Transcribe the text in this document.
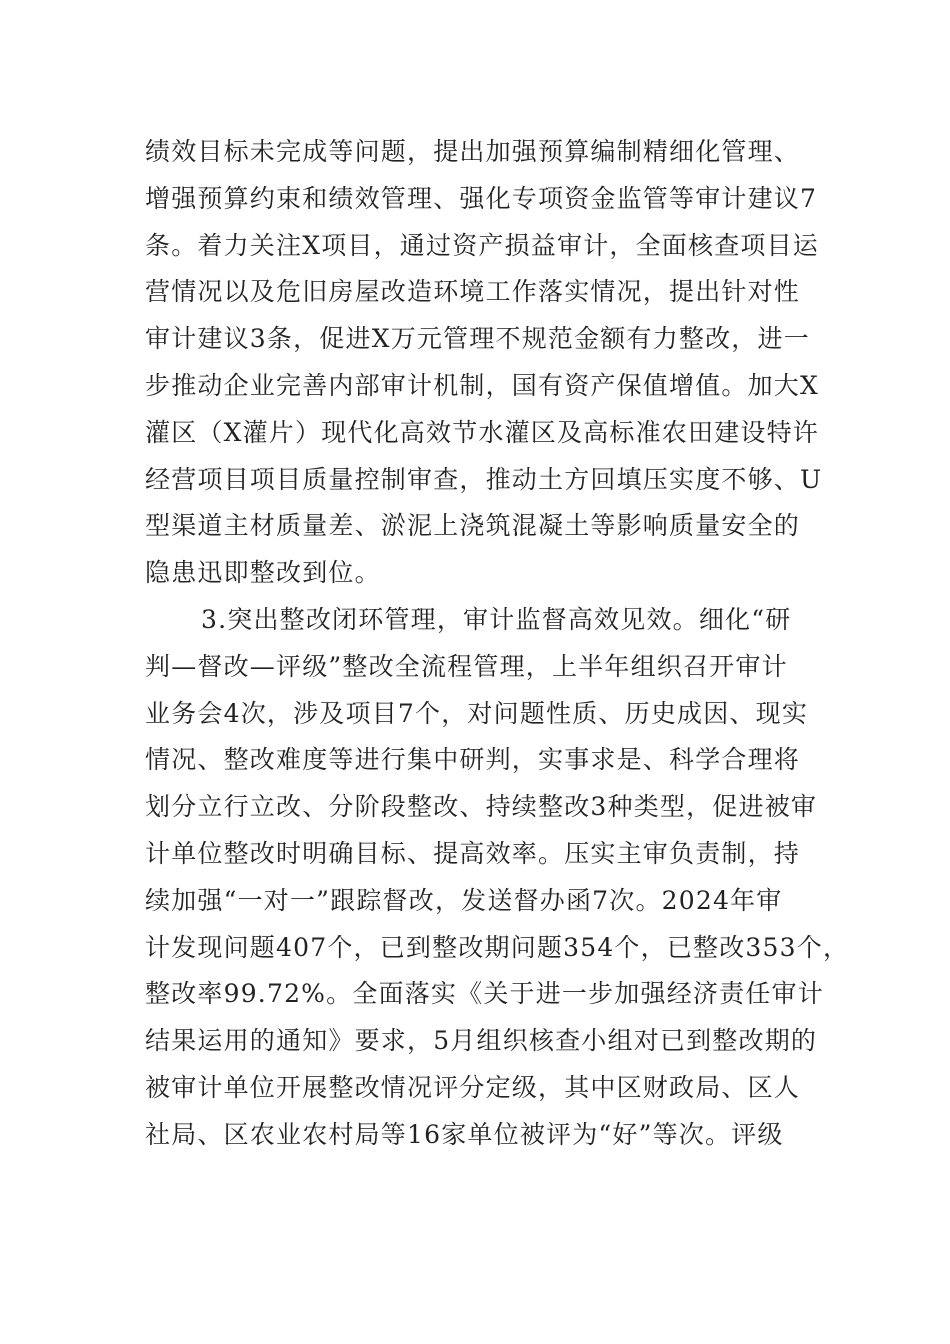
绩效目标未完成等问题，提出加强预算编制精细化管理、
增强预算约束和绩效管理、强化专项资金监管等审计建议7
条。着力关注X项目，通过资产损益审计，全面核查项目运
营情况以及危旧房屋改造环境工作落实情况，提出针对性
审计建议3条，促进X万元管理不规范金额有力整改，进一
步推动企业完善内部审计机制，国有资产保值增值。加大X
灌区（X灌片）现代化高效节水灌区及高标准农田建设特许
经营项目项目质量控制审查，推动土方回填压实度不够、U
型渠道主材质量差、淤泥上浇筑混凝土等影响质量安全的
隐患迅即整改到位。
3.突出整改闭环管理，审计监督高效见效。细化“研
判—督改—评级”整改全流程管理，上半年组织召开审计
业务会4次，涉及项目7个，对问题性质、历史成因、现实
情况、整改难度等进行集中研判，实事求是、科学合理将
划分立行立改、分阶段整改、持续整改3种类型，促进被审
计单位整改时明确目标、提高效率。压实主审负责制，持
续加强“一对一”跟踪督改，发送督办函7次。2024年审
计发现问题407个，已到整改期问题354个，已整改353个，
整改率99.72%。全面落实《关于进一步加强经济责任审计
结果运用的通知》要求，5月组织核查小组对已到整改期的
被审计单位开展整改情况评分定级，其中区财政局、区人
社局、区农业农村局等16家单位被评为“好”等次。评级
